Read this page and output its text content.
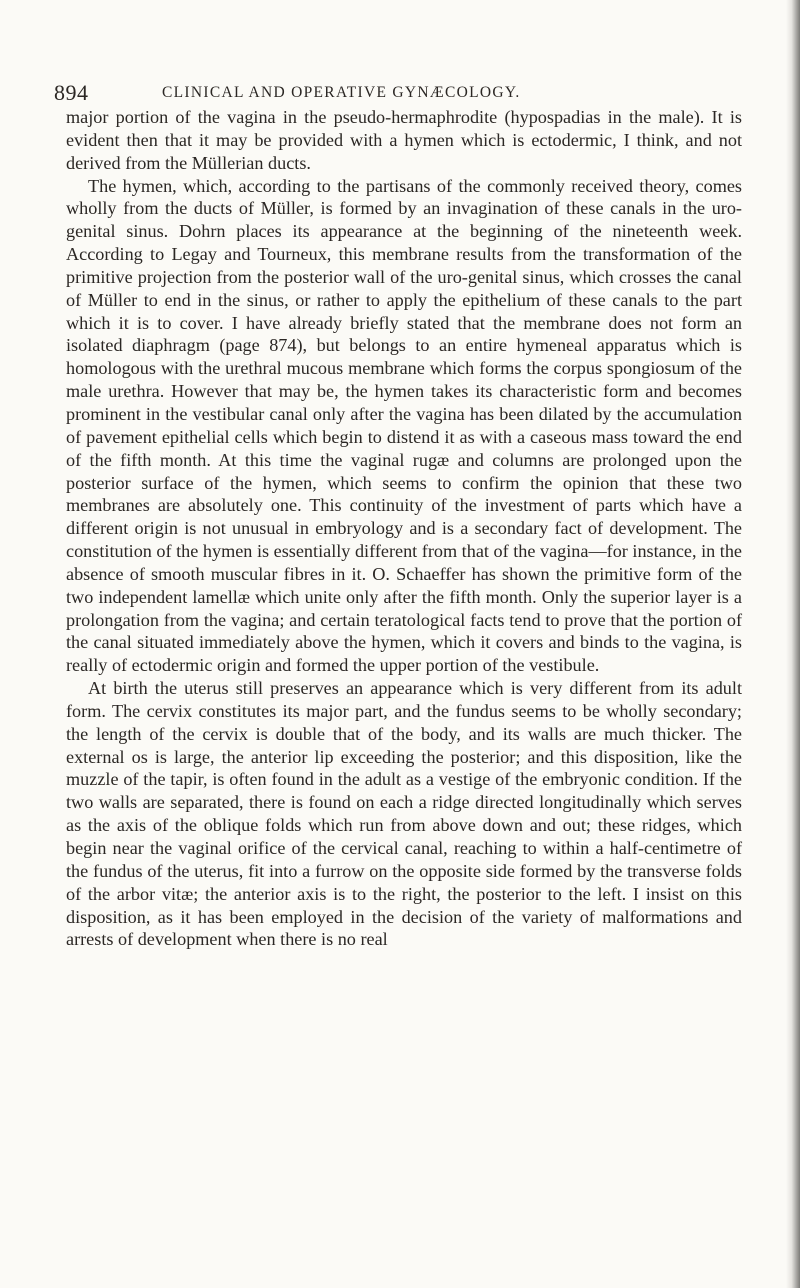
894	CLINICAL AND OPERATIVE GYNÆCOLOGY.

major portion of the vagina in the pseudo-hermaphrodite (hypospadias in the male). It is evident then that it may be provided with a hymen which is ectodermic, I think, and not derived from the Müllerian ducts.

The hymen, which, according to the partisans of the commonly received theory, comes wholly from the ducts of Müller, is formed by an invagination of these canals in the uro-genital sinus. Dohrn places its appearance at the beginning of the nineteenth week. According to Legay and Tourneux, this membrane results from the transformation of the primitive projection from the posterior wall of the uro-genital sinus, which crosses the canal of Müller to end in the sinus, or rather to apply the epithelium of these canals to the part which it is to cover. I have already briefly stated that the membrane does not form an isolated diaphragm (page 874), but belongs to an entire hymeneal apparatus which is homologous with the urethral mucous membrane which forms the corpus spongiosum of the male urethra. However that may be, the hymen takes its characteristic form and becomes prominent in the vestibular canal only after the vagina has been dilated by the accumulation of pavement epithelial cells which begin to distend it as with a caseous mass toward the end of the fifth month. At this time the vaginal rugæ and columns are prolonged upon the posterior surface of the hymen, which seems to confirm the opinion that these two membranes are absolutely one. This continuity of the investment of parts which have a different origin is not unusual in embryology and is a secondary fact of development. The constitution of the hymen is essentially different from that of the vagina—for instance, in the absence of smooth muscular fibres in it. O. Schaeffer has shown the primitive form of the two independent lamellæ which unite only after the fifth month. Only the superior layer is a prolongation from the vagina; and certain teratological facts tend to prove that the portion of the canal situated immediately above the hymen, which it covers and binds to the vagina, is really of ectodermic origin and formed the upper portion of the vestibule.

At birth the uterus still preserves an appearance which is very different from its adult form. The cervix constitutes its major part, and the fundus seems to be wholly secondary; the length of the cervix is double that of the body, and its walls are much thicker. The external os is large, the anterior lip exceeding the posterior; and this disposition, like the muzzle of the tapir, is often found in the adult as a vestige of the embryonic condition. If the two walls are separated, there is found on each a ridge directed longitudinally which serves as the axis of the oblique folds which run from above down and out; these ridges, which begin near the vaginal orifice of the cervical canal, reaching to within a half-centimetre of the fundus of the uterus, fit into a furrow on the opposite side formed by the transverse folds of the arbor vitæ; the anterior axis is to the right, the posterior to the left. I insist on this disposition, as it has been employed in the decision of the variety of malformations and arrests of development when there is no real
